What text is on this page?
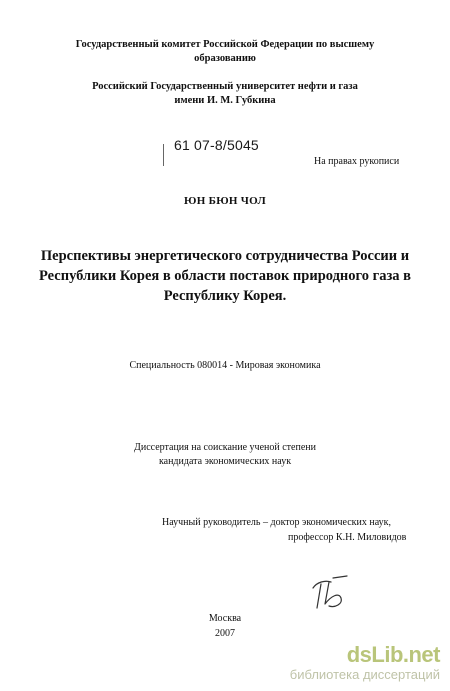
Государственный комитет Российской Федерации по высшему
образованию
Российский Государственный университет нефти и газа
имени И. М. Губкина
61 07-8/5045
На правах рукописи
ЮН БЮН ЧОЛ
Перспективы энергетического сотрудничества России и
Республики Корея в области поставок природного газа в
Республику Корея.
Специальность 080014 - Мировая экономика
Диссертация на соискание ученой степени
кандидата экономических наук
Научный руководитель – доктор экономических наук,
профессор К.Н. Миловидов
Москва
2007
dsLib.net
библиотека диссертаций
